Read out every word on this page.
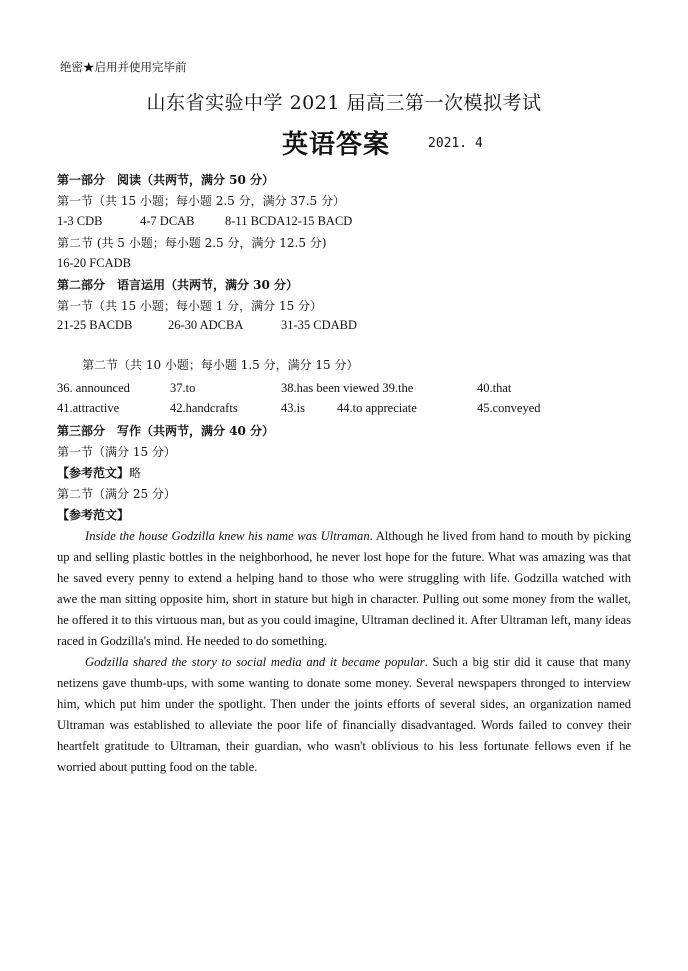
绝密★启用并使用完毕前
山东省实验中学 2021 届高三第一次模拟考试
英语答案	2021. 4
第一部分　阅读（共两节，满分 50 分）
第一节（共 15 小题；每小题 2.5 分，满分 37.5 分）
1-3 CDB	4-7 DCAB 8-11 BCDA12-15 BACD
第二节 (共 5 小题；每小题 2.5 分，满分 12.5 分)
16-20 FCADB
第二部分　语言运用（共两节，满分 30 分）
第一节（共 15 小题；每小题 1 分，满分 15 分）
21-25 BACDB	26-30 ADCBA	31-35 CDABD
第二节（共 10 小题；每小题 1.5 分，满分 15 分）
36. announced	37.to	38.has been viewed 39.the	40.that
41.attractive	42.handcrafts	43.is	44.to appreciate	45.conveyed
第三部分　写作（共两节，满分 40 分）
第一节（满分 15 分）
【参考范文】略
第二节（满分 25 分）
【参考范文】

Inside the house Godzilla knew his name was Ultraman. Although he lived from hand to mouth by picking up and selling plastic bottles in the neighborhood, he never lost hope for the future. What was amazing was that he saved every penny to extend a helping hand to those who were struggling with life. Godzilla watched with awe the man sitting opposite him, short in stature but high in character. Pulling out some money from the wallet, he offered it to this virtuous man, but as you could imagine, Ultraman declined it. After Ultraman left, many ideas raced in Godzilla's mind. He needed to do something.

Godzilla shared the story to social media and it became popular. Such a big stir did it cause that many netizens gave thumb-ups, with some wanting to donate some money. Several newspapers thronged to interview him, which put him under the spotlight. Then under the joints efforts of several sides, an organization named Ultraman was established to alleviate the poor life of financially disadvantaged. Words failed to convey their heartfelt gratitude to Ultraman, their guardian, who wasn't oblivious to his less fortunate fellows even if he worried about putting food on the table.
